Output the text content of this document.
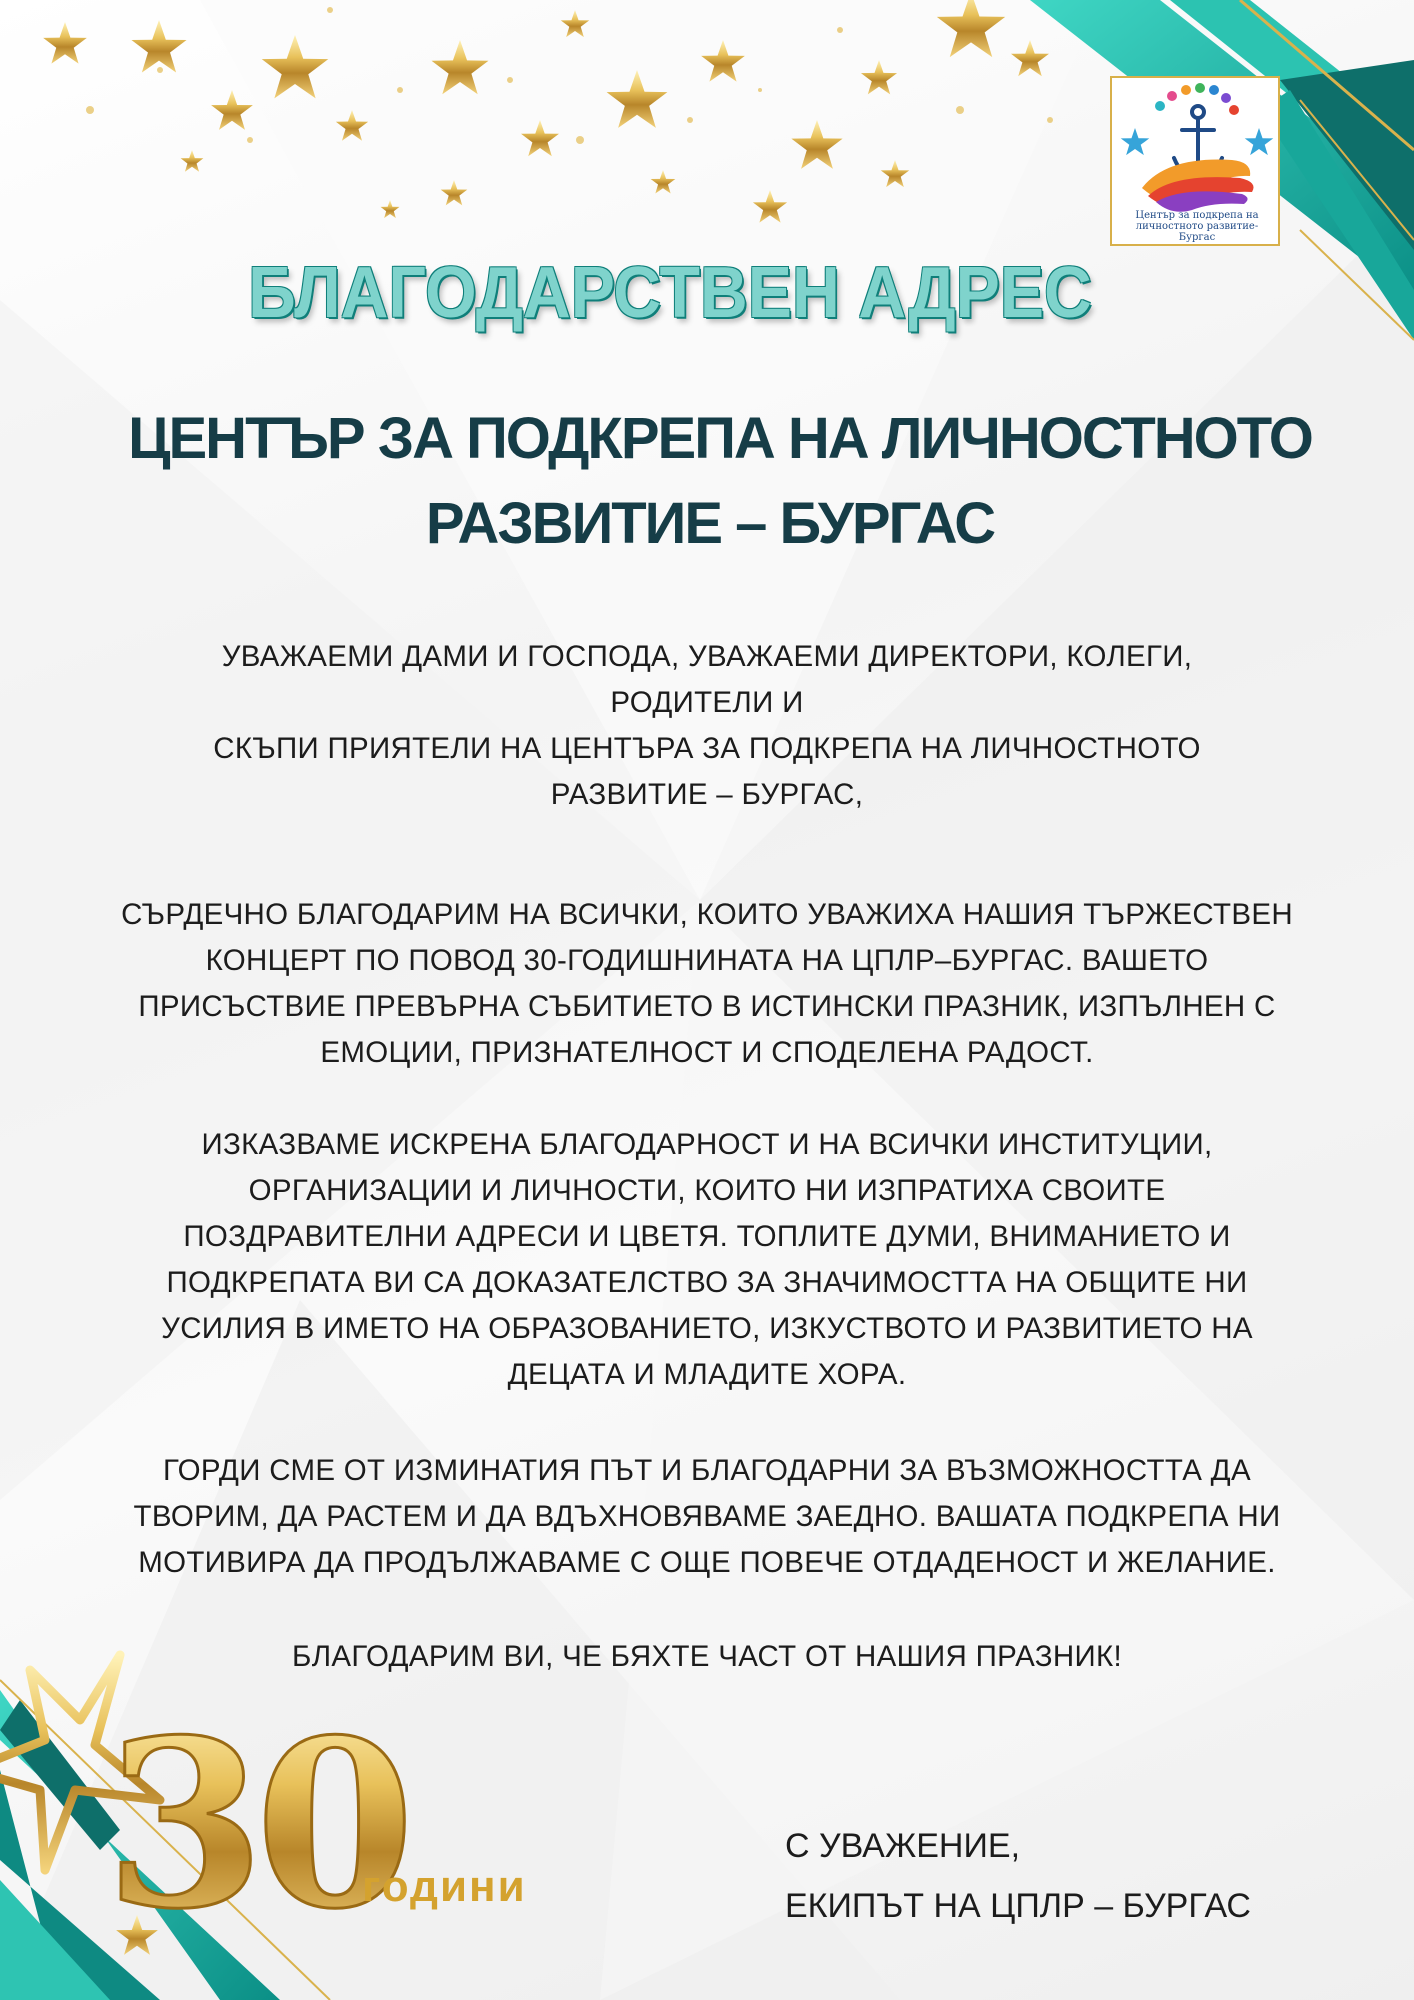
30
Център за подкрепа на
личностното развитие-
Бургас
БЛАГОДАРСТВЕН АДРЕС
ЦЕНТЪР ЗА ПОДКРЕПА НА ЛИЧНОСТНОТО
РАЗВИТИЕ – БУРГАС

УВАЖАЕМИ ДАМИ И ГОСПОДА, УВАЖАЕМИ ДИРЕКТОРИ, КОЛЕГИ,

РОДИТЕЛИ И

СКЪПИ ПРИЯТЕЛИ НА ЦЕНТЪРА ЗА ПОДКРЕПА НА ЛИЧНОСТНОТО

РАЗВИТИЕ – БУРГАС,

СЪРДЕЧНО БЛАГОДАРИМ НА ВСИЧКИ, КОИТО УВАЖИХА НАШИЯ ТЪРЖЕСТВЕН

КОНЦЕРТ ПО ПОВОД 30-ГОДИШНИНАТА НА ЦПЛР–БУРГАС. ВАШЕТО

ПРИСЪСТВИЕ ПРЕВЪРНА СЪБИТИЕТО В ИСТИНСКИ ПРАЗНИК, ИЗПЪЛНЕН С

ЕМОЦИИ, ПРИЗНАТЕЛНОСТ И СПОДЕЛЕНА РАДОСТ.

ИЗКАЗВАМЕ ИСКРЕНА БЛАГОДАРНОСТ И НА ВСИЧКИ ИНСТИТУЦИИ,

ОРГАНИЗАЦИИ И ЛИЧНОСТИ, КОИТО НИ ИЗПРАТИХА СВОИТЕ

ПОЗДРАВИТЕЛНИ АДРЕСИ И ЦВЕТЯ. ТОПЛИТЕ ДУМИ, ВНИМАНИЕТО И

ПОДКРЕПАТА ВИ СА ДОКАЗАТЕЛСТВО ЗА ЗНАЧИМОСТТА НА ОБЩИТЕ НИ

УСИЛИЯ В ИМЕТО НА ОБРАЗОВАНИЕТО, ИЗКУСТВОТО И РАЗВИТИЕТО НА

ДЕЦАТА И МЛАДИТЕ ХОРА.

ГОРДИ СМЕ ОТ ИЗМИНАТИЯ ПЪТ И БЛАГОДАРНИ ЗА ВЪЗМОЖНОСТТА ДА

ТВОРИМ, ДА РАСТЕМ И ДА ВДЪХНОВЯВАМЕ ЗАЕДНО. ВАШАТА ПОДКРЕПА НИ

МОТИВИРА ДА ПРОДЪЛЖАВАМЕ С ОЩЕ ПОВЕЧЕ ОТДАДЕНОСТ И ЖЕЛАНИЕ.

БЛАГОДАРИМ ВИ, ЧЕ БЯХТЕ ЧАСТ ОТ НАШИЯ ПРАЗНИК!

години
С УВАЖЕНИЕ,
ЕКИПЪТ НА ЦПЛР – БУРГАС
